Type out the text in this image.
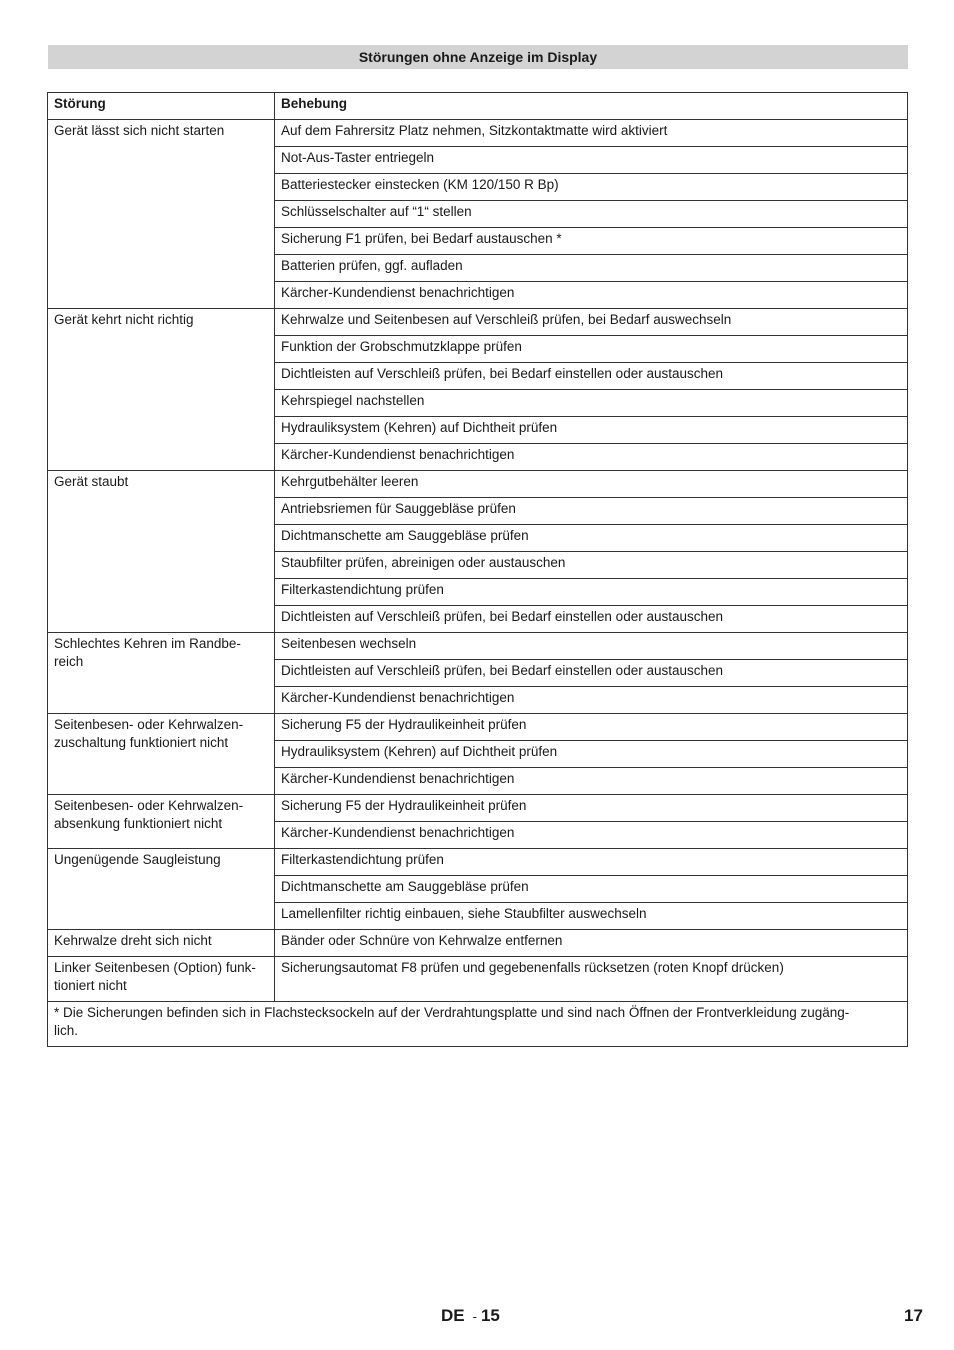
Störungen ohne Anzeige im Display
Störung	Behebung
Gerät lässt sich nicht starten	Auf dem Fahrersitz Platz nehmen, Sitzkontaktmatte wird aktiviert
	Not-Aus-Taster entriegeln
	Batteriestecker einstecken (KM 120/150 R Bp)
	Schlüsselschalter auf “1“ stellen
	Sicherung F1 prüfen, bei Bedarf austauschen *
	Batterien prüfen, ggf. aufladen
	Kärcher-Kundendienst benachrichtigen
Gerät kehrt nicht richtig	Kehrwalze und Seitenbesen auf Verschleiß prüfen, bei Bedarf auswechseln
	Funktion der Grobschmutzklappe prüfen
	Dichtleisten auf Verschleiß prüfen, bei Bedarf einstellen oder austauschen
	Kehrspiegel nachstellen
	Hydrauliksystem (Kehren) auf Dichtheit prüfen
	Kärcher-Kundendienst benachrichtigen
Gerät staubt	Kehrgutbehälter leeren
	Antriebsriemen für Sauggebläse prüfen
	Dichtmanschette am Sauggebläse prüfen
	Staubfilter prüfen, abreinigen oder austauschen
	Filterkastendichtung prüfen
	Dichtleisten auf Verschleiß prüfen, bei Bedarf einstellen oder austauschen
Schlechtes Kehren im Randbe-
reich	Seitenbesen wechseln
	Dichtleisten auf Verschleiß prüfen, bei Bedarf einstellen oder austauschen
	Kärcher-Kundendienst benachrichtigen
Seitenbesen- oder Kehrwalzen-
zuschaltung funktioniert nicht	Sicherung F5 der Hydraulikeinheit prüfen
	Hydrauliksystem (Kehren) auf Dichtheit prüfen
	Kärcher-Kundendienst benachrichtigen
Seitenbesen- oder Kehrwalzen-
absenkung funktioniert nicht	Sicherung F5 der Hydraulikeinheit prüfen
	Kärcher-Kundendienst benachrichtigen
Ungenügende Saugleistung	Filterkastendichtung prüfen
	Dichtmanschette am Sauggebläse prüfen
	Lamellenfilter richtig einbauen, siehe Staubfilter auswechseln
Kehrwalze dreht sich nicht	Bänder oder Schnüre von Kehrwalze entfernen
Linker Seitenbesen (Option) funk-
tioniert nicht	Sicherungsautomat F8 prüfen und gegebenenfalls rücksetzen (roten Knopf drücken)
* Die Sicherungen befinden sich in Flachstecksockeln auf der Verdrahtungsplatte und sind nach Öffnen der Frontverkleidung zugäng-
lich.	
DE - 15	17
